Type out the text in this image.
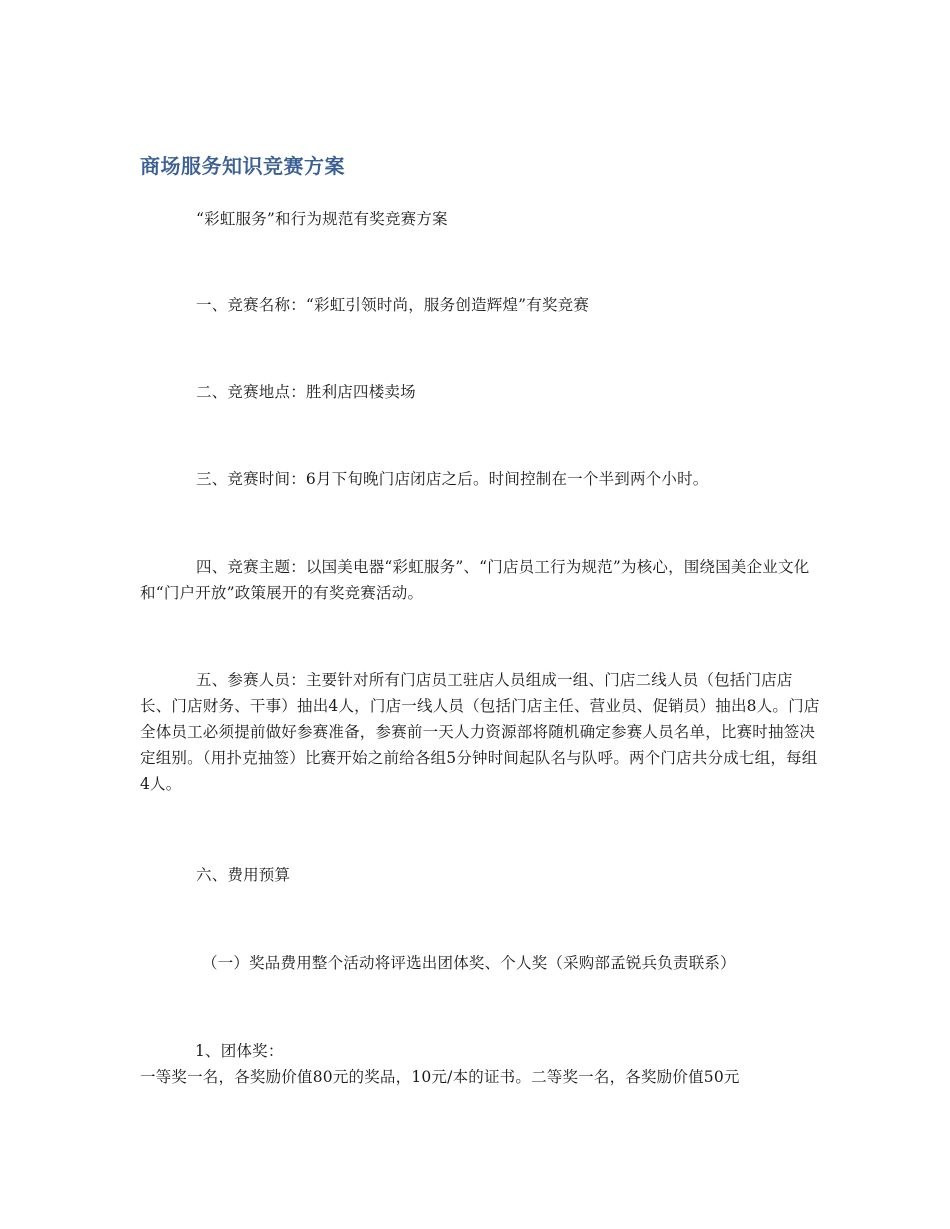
商场服务知识竞赛方案
“彩虹服务”和行为规范有奖竞赛方案
一、竞赛名称：“彩虹引领时尚，服务创造辉煌”有奖竞赛
二、竞赛地点：胜利店四楼卖场
三、竞赛时间：6月下旬晚门店闭店之后。时间控制在一个半到两个小时。
四、竞赛主题：以国美电器“彩虹服务”、“门店员工行为规范”为核心，围绕国美企业文化和“门户开放”政策展开的有奖竞赛活动。
五、参赛人员：主要针对所有门店员工驻店人员组成一组、门店二线人员（包括门店店长、门店财务、干事）抽出4人，门店一线人员（包括门店主任、营业员、促销员）抽出8人。门店全体员工必须提前做好参赛准备，参赛前一天人力资源部将随机确定参赛人员名单，比赛时抽签决定组别。（用扑克抽签）比赛开始之前给各组5分钟时间起队名与队呼。两个门店共分成七组，每组4人。
六、费用预算
（一）奖品费用整个活动将评选出团体奖、个人奖（采购部孟锐兵负责联系）
1、团体奖：
一等奖一名，各奖励价值80元的奖品，10元/本的证书。二等奖一名，各奖励价值50元
